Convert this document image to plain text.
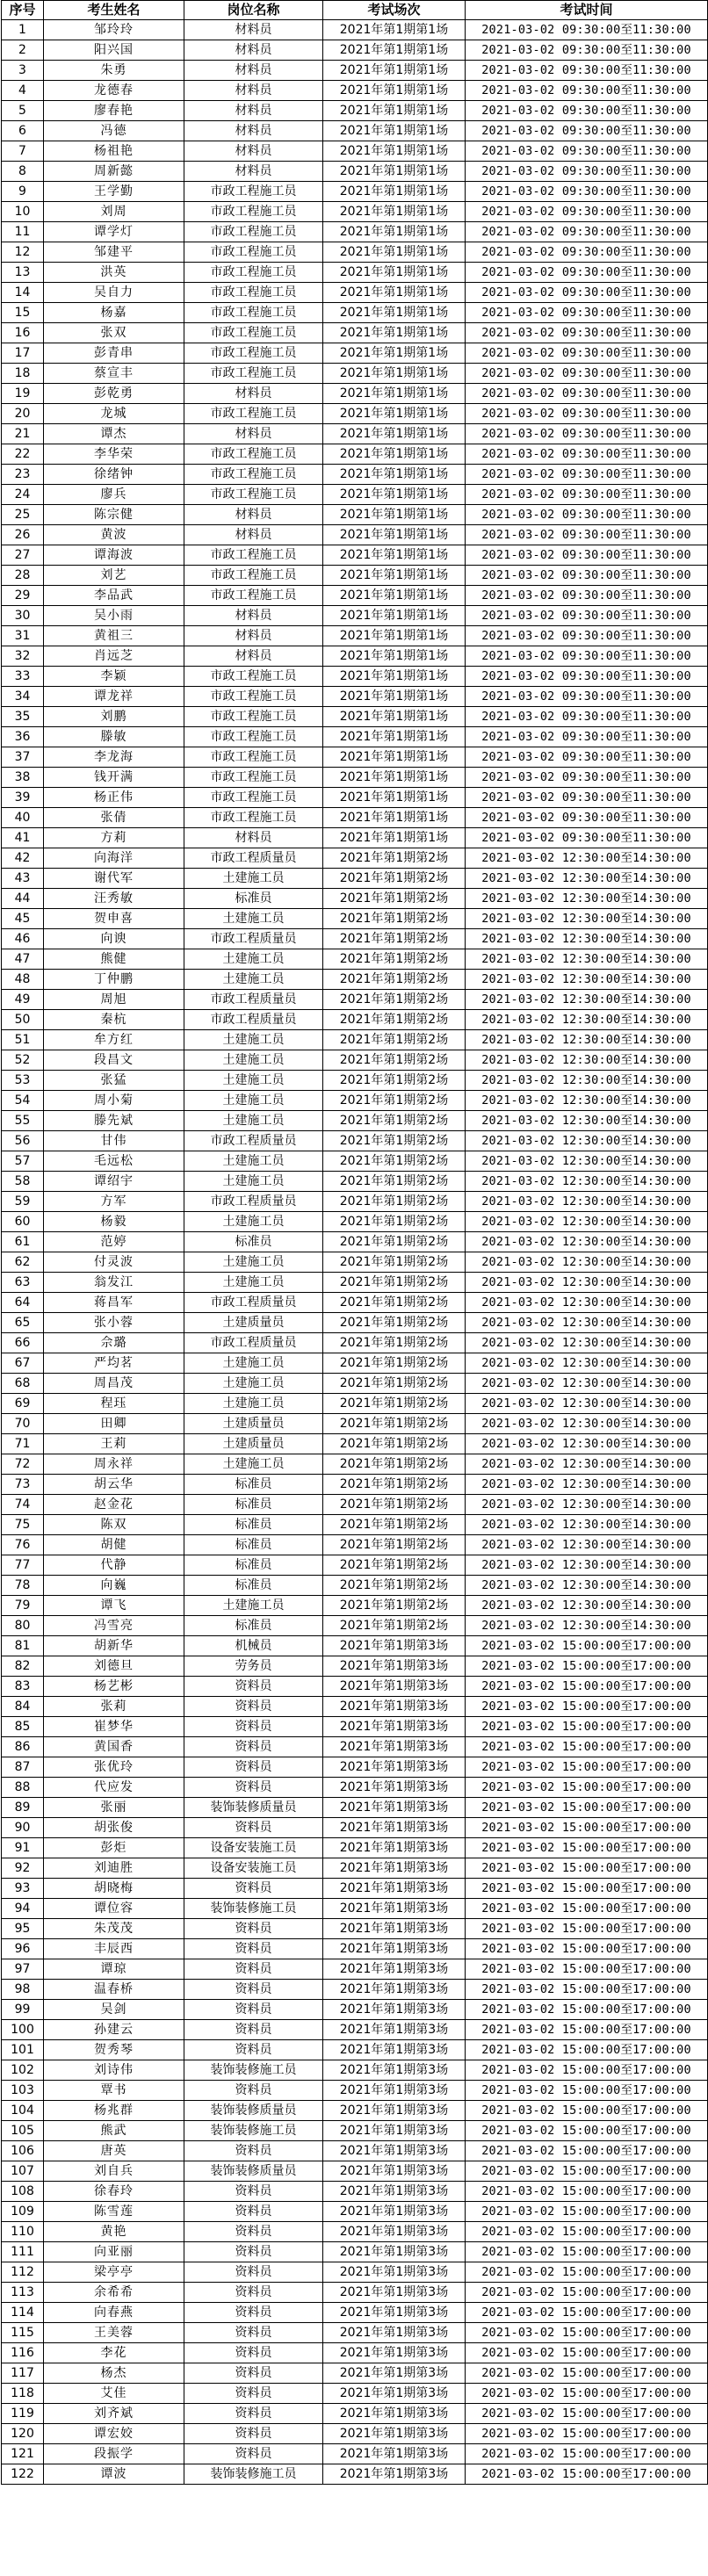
序号	考生姓名	岗位名称	考试场次	考试时间
1	邹玲玲	材料员	2021年第1期第1场	2021-03-02 09:30:00至11:30:00
2	阳兴国	材料员	2021年第1期第1场	2021-03-02 09:30:00至11:30:00
3	朱勇	材料员	2021年第1期第1场	2021-03-02 09:30:00至11:30:00
4	龙德春	材料员	2021年第1期第1场	2021-03-02 09:30:00至11:30:00
5	廖春艳	材料员	2021年第1期第1场	2021-03-02 09:30:00至11:30:00
6	冯德	材料员	2021年第1期第1场	2021-03-02 09:30:00至11:30:00
7	杨祖艳	材料员	2021年第1期第1场	2021-03-02 09:30:00至11:30:00
8	周新懿	材料员	2021年第1期第1场	2021-03-02 09:30:00至11:30:00
9	王学勤	市政工程施工员	2021年第1期第1场	2021-03-02 09:30:00至11:30:00
10	刘周	市政工程施工员	2021年第1期第1场	2021-03-02 09:30:00至11:30:00
11	谭学灯	市政工程施工员	2021年第1期第1场	2021-03-02 09:30:00至11:30:00
12	邹建平	市政工程施工员	2021年第1期第1场	2021-03-02 09:30:00至11:30:00
13	洪英	市政工程施工员	2021年第1期第1场	2021-03-02 09:30:00至11:30:00
14	吴自力	市政工程施工员	2021年第1期第1场	2021-03-02 09:30:00至11:30:00
15	杨嘉	市政工程施工员	2021年第1期第1场	2021-03-02 09:30:00至11:30:00
16	张双	市政工程施工员	2021年第1期第1场	2021-03-02 09:30:00至11:30:00
17	彭青串	市政工程施工员	2021年第1期第1场	2021-03-02 09:30:00至11:30:00
18	蔡宣丰	市政工程施工员	2021年第1期第1场	2021-03-02 09:30:00至11:30:00
19	彭乾勇	材料员	2021年第1期第1场	2021-03-02 09:30:00至11:30:00
20	龙城	市政工程施工员	2021年第1期第1场	2021-03-02 09:30:00至11:30:00
21	谭杰	材料员	2021年第1期第1场	2021-03-02 09:30:00至11:30:00
22	李华荣	市政工程施工员	2021年第1期第1场	2021-03-02 09:30:00至11:30:00
23	徐绪钟	市政工程施工员	2021年第1期第1场	2021-03-02 09:30:00至11:30:00
24	廖兵	市政工程施工员	2021年第1期第1场	2021-03-02 09:30:00至11:30:00
25	陈宗健	材料员	2021年第1期第1场	2021-03-02 09:30:00至11:30:00
26	黄波	材料员	2021年第1期第1场	2021-03-02 09:30:00至11:30:00
27	谭海波	市政工程施工员	2021年第1期第1场	2021-03-02 09:30:00至11:30:00
28	刘艺	市政工程施工员	2021年第1期第1场	2021-03-02 09:30:00至11:30:00
29	李品武	市政工程施工员	2021年第1期第1场	2021-03-02 09:30:00至11:30:00
30	吴小雨	材料员	2021年第1期第1场	2021-03-02 09:30:00至11:30:00
31	黄祖三	材料员	2021年第1期第1场	2021-03-02 09:30:00至11:30:00
32	肖远芝	材料员	2021年第1期第1场	2021-03-02 09:30:00至11:30:00
33	李颖	市政工程施工员	2021年第1期第1场	2021-03-02 09:30:00至11:30:00
34	谭龙祥	市政工程施工员	2021年第1期第1场	2021-03-02 09:30:00至11:30:00
35	刘鹏	市政工程施工员	2021年第1期第1场	2021-03-02 09:30:00至11:30:00
36	滕敏	市政工程施工员	2021年第1期第1场	2021-03-02 09:30:00至11:30:00
37	李龙海	市政工程施工员	2021年第1期第1场	2021-03-02 09:30:00至11:30:00
38	钱开满	市政工程施工员	2021年第1期第1场	2021-03-02 09:30:00至11:30:00
39	杨正伟	市政工程施工员	2021年第1期第1场	2021-03-02 09:30:00至11:30:00
40	张倩	市政工程施工员	2021年第1期第1场	2021-03-02 09:30:00至11:30:00
41	方莉	材料员	2021年第1期第1场	2021-03-02 09:30:00至11:30:00
42	向海洋	市政工程质量员	2021年第1期第2场	2021-03-02 12:30:00至14:30:00
43	谢代军	土建施工员	2021年第1期第2场	2021-03-02 12:30:00至14:30:00
44	汪秀敏	标准员	2021年第1期第2场	2021-03-02 12:30:00至14:30:00
45	贺申喜	土建施工员	2021年第1期第2场	2021-03-02 12:30:00至14:30:00
46	向谀	市政工程质量员	2021年第1期第2场	2021-03-02 12:30:00至14:30:00
47	熊健	土建施工员	2021年第1期第2场	2021-03-02 12:30:00至14:30:00
48	丁仲鹏	土建施工员	2021年第1期第2场	2021-03-02 12:30:00至14:30:00
49	周旭	市政工程质量员	2021年第1期第2场	2021-03-02 12:30:00至14:30:00
50	秦杭	市政工程质量员	2021年第1期第2场	2021-03-02 12:30:00至14:30:00
51	牟方红	土建施工员	2021年第1期第2场	2021-03-02 12:30:00至14:30:00
52	段昌文	土建施工员	2021年第1期第2场	2021-03-02 12:30:00至14:30:00
53	张猛	土建施工员	2021年第1期第2场	2021-03-02 12:30:00至14:30:00
54	周小菊	土建施工员	2021年第1期第2场	2021-03-02 12:30:00至14:30:00
55	滕先斌	土建施工员	2021年第1期第2场	2021-03-02 12:30:00至14:30:00
56	甘伟	市政工程质量员	2021年第1期第2场	2021-03-02 12:30:00至14:30:00
57	毛远松	土建施工员	2021年第1期第2场	2021-03-02 12:30:00至14:30:00
58	谭绍宇	土建施工员	2021年第1期第2场	2021-03-02 12:30:00至14:30:00
59	方军	市政工程质量员	2021年第1期第2场	2021-03-02 12:30:00至14:30:00
60	杨毅	土建施工员	2021年第1期第2场	2021-03-02 12:30:00至14:30:00
61	范婷	标准员	2021年第1期第2场	2021-03-02 12:30:00至14:30:00
62	付灵波	土建施工员	2021年第1期第2场	2021-03-02 12:30:00至14:30:00
63	翁发江	土建施工员	2021年第1期第2场	2021-03-02 12:30:00至14:30:00
64	蒋昌军	市政工程质量员	2021年第1期第2场	2021-03-02 12:30:00至14:30:00
65	张小蓉	土建质量员	2021年第1期第2场	2021-03-02 12:30:00至14:30:00
66	佘璐	市政工程质量员	2021年第1期第2场	2021-03-02 12:30:00至14:30:00
67	严均茗	土建施工员	2021年第1期第2场	2021-03-02 12:30:00至14:30:00
68	周昌茂	土建施工员	2021年第1期第2场	2021-03-02 12:30:00至14:30:00
69	程珏	土建施工员	2021年第1期第2场	2021-03-02 12:30:00至14:30:00
70	田卿	土建质量员	2021年第1期第2场	2021-03-02 12:30:00至14:30:00
71	王莉	土建质量员	2021年第1期第2场	2021-03-02 12:30:00至14:30:00
72	周永祥	土建施工员	2021年第1期第2场	2021-03-02 12:30:00至14:30:00
73	胡云华	标准员	2021年第1期第2场	2021-03-02 12:30:00至14:30:00
74	赵金花	标准员	2021年第1期第2场	2021-03-02 12:30:00至14:30:00
75	陈双	标准员	2021年第1期第2场	2021-03-02 12:30:00至14:30:00
76	胡健	标准员	2021年第1期第2场	2021-03-02 12:30:00至14:30:00
77	代静	标准员	2021年第1期第2场	2021-03-02 12:30:00至14:30:00
78	向巍	标准员	2021年第1期第2场	2021-03-02 12:30:00至14:30:00
79	谭飞	土建施工员	2021年第1期第2场	2021-03-02 12:30:00至14:30:00
80	冯雪亮	标准员	2021年第1期第2场	2021-03-02 12:30:00至14:30:00
81	胡新华	机械员	2021年第1期第3场	2021-03-02 15:00:00至17:00:00
82	刘德旦	劳务员	2021年第1期第3场	2021-03-02 15:00:00至17:00:00
83	杨艺彬	资料员	2021年第1期第3场	2021-03-02 15:00:00至17:00:00
84	张莉	资料员	2021年第1期第3场	2021-03-02 15:00:00至17:00:00
85	崔梦华	资料员	2021年第1期第3场	2021-03-02 15:00:00至17:00:00
86	黄国香	资料员	2021年第1期第3场	2021-03-02 15:00:00至17:00:00
87	张优玲	资料员	2021年第1期第3场	2021-03-02 15:00:00至17:00:00
88	代应发	资料员	2021年第1期第3场	2021-03-02 15:00:00至17:00:00
89	张丽	装饰装修质量员	2021年第1期第3场	2021-03-02 15:00:00至17:00:00
90	胡张俊	资料员	2021年第1期第3场	2021-03-02 15:00:00至17:00:00
91	彭炬	设备安装施工员	2021年第1期第3场	2021-03-02 15:00:00至17:00:00
92	刘迪胜	设备安装施工员	2021年第1期第3场	2021-03-02 15:00:00至17:00:00
93	胡晓梅	资料员	2021年第1期第3场	2021-03-02 15:00:00至17:00:00
94	谭位容	装饰装修施工员	2021年第1期第3场	2021-03-02 15:00:00至17:00:00
95	朱茂茂	资料员	2021年第1期第3场	2021-03-02 15:00:00至17:00:00
96	丰辰西	资料员	2021年第1期第3场	2021-03-02 15:00:00至17:00:00
97	谭琼	资料员	2021年第1期第3场	2021-03-02 15:00:00至17:00:00
98	温春桥	资料员	2021年第1期第3场	2021-03-02 15:00:00至17:00:00
99	吴剑	资料员	2021年第1期第3场	2021-03-02 15:00:00至17:00:00
100	孙建云	资料员	2021年第1期第3场	2021-03-02 15:00:00至17:00:00
101	贺秀琴	资料员	2021年第1期第3场	2021-03-02 15:00:00至17:00:00
102	刘诗伟	装饰装修施工员	2021年第1期第3场	2021-03-02 15:00:00至17:00:00
103	覃书	资料员	2021年第1期第3场	2021-03-02 15:00:00至17:00:00
104	杨兆群	装饰装修质量员	2021年第1期第3场	2021-03-02 15:00:00至17:00:00
105	熊武	装饰装修施工员	2021年第1期第3场	2021-03-02 15:00:00至17:00:00
106	唐英	资料员	2021年第1期第3场	2021-03-02 15:00:00至17:00:00
107	刘自兵	装饰装修质量员	2021年第1期第3场	2021-03-02 15:00:00至17:00:00
108	徐春玲	资料员	2021年第1期第3场	2021-03-02 15:00:00至17:00:00
109	陈雪莲	资料员	2021年第1期第3场	2021-03-02 15:00:00至17:00:00
110	黄艳	资料员	2021年第1期第3场	2021-03-02 15:00:00至17:00:00
111	向亚丽	资料员	2021年第1期第3场	2021-03-02 15:00:00至17:00:00
112	梁亭亭	资料员	2021年第1期第3场	2021-03-02 15:00:00至17:00:00
113	余希希	资料员	2021年第1期第3场	2021-03-02 15:00:00至17:00:00
114	向春燕	资料员	2021年第1期第3场	2021-03-02 15:00:00至17:00:00
115	王美蓉	资料员	2021年第1期第3场	2021-03-02 15:00:00至17:00:00
116	李花	资料员	2021年第1期第3场	2021-03-02 15:00:00至17:00:00
117	杨杰	资料员	2021年第1期第3场	2021-03-02 15:00:00至17:00:00
118	艾佳	资料员	2021年第1期第3场	2021-03-02 15:00:00至17:00:00
119	刘齐斌	资料员	2021年第1期第3场	2021-03-02 15:00:00至17:00:00
120	谭宏姣	资料员	2021年第1期第3场	2021-03-02 15:00:00至17:00:00
121	段振学	资料员	2021年第1期第3场	2021-03-02 15:00:00至17:00:00
122	谭波	装饰装修施工员	2021年第1期第3场	2021-03-02 15:00:00至17:00:00
